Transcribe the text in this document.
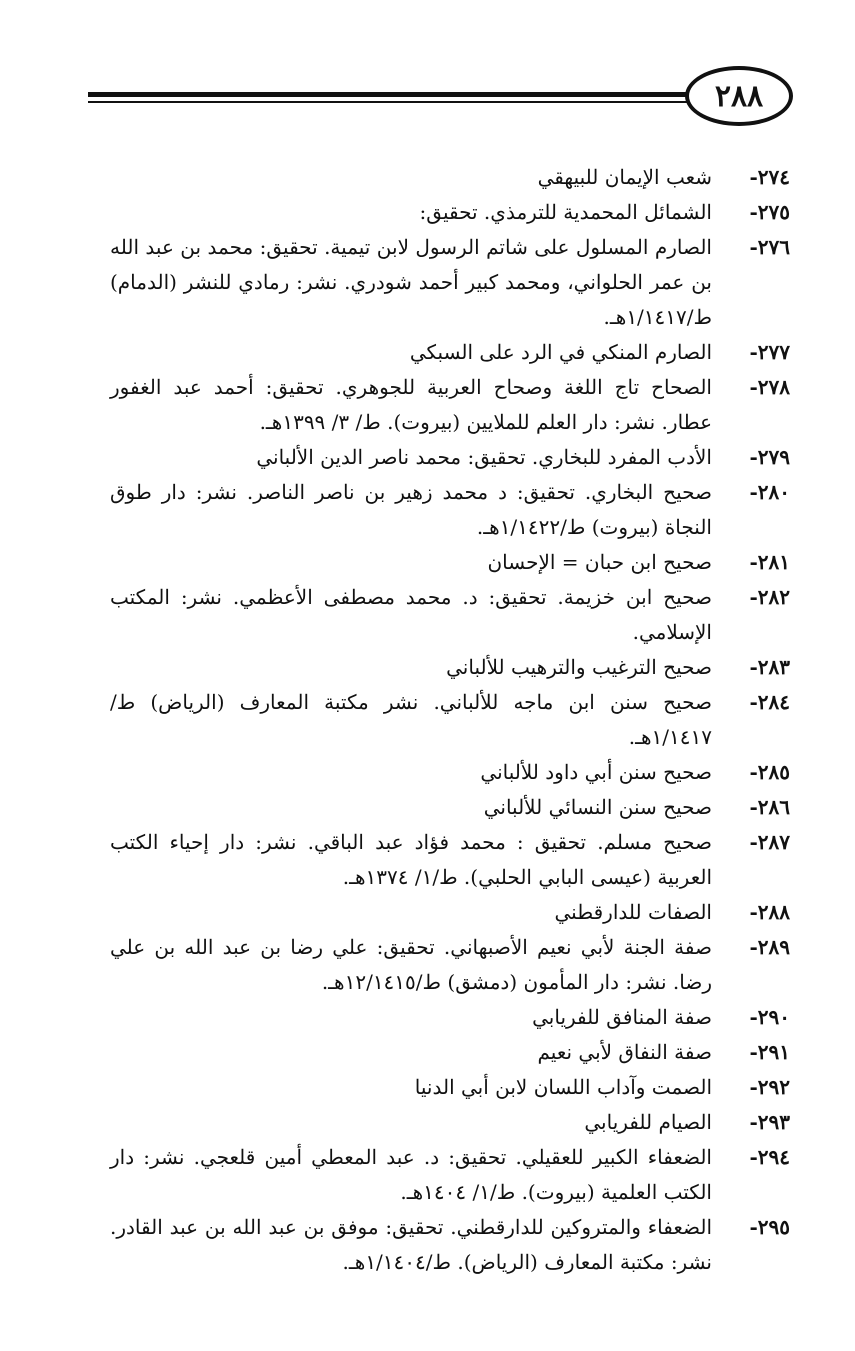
٢٨٨
٢٧٤-
شعب الإيمان للبيهقي
٢٧٥-
الشمائل المحمدية للترمذي. تحقيق:
٢٧٦-
الصارم المسلول على شاتم الرسول لابن تيمية. تحقيق: محمد بن عبد الله بن عمر الحلواني، ومحمد كبير أحمد شودري. نشر: رمادي للنشر (الدمام) ط/١/١٤١٧هـ.
٢٧٧-
الصارم المنكي في الرد على السبكي
٢٧٨-
الصحاح تاج اللغة وصحاح العربية للجوهري. تحقيق: أحمد عبد الغفور عطار. نشر: دار العلم للملايين (بيروت). ط/ ٣/ ١٣٩٩هـ.
٢٧٩-
الأدب المفرد للبخاري. تحقيق: محمد ناصر الدين الألباني
٢٨٠-
صحيح البخاري. تحقيق: د محمد زهير بن ناصر الناصر. نشر: دار طوق النجاة (بيروت) ط/١/١٤٢٢هـ.
٢٨١-
صحيح ابن حبان = الإحسان
٢٨٢-
صحيح ابن خزيمة. تحقيق: د. محمد مصطفى الأعظمي. نشر: المكتب الإسلامي.
٢٨٣-
صحيح الترغيب والترهيب للألباني
٢٨٤-
صحيح سنن ابن ماجه للألباني. نشر مكتبة المعارف (الرياض) ط/١/١٤١٧هـ.
٢٨٥-
صحيح سنن أبي داود للألباني
٢٨٦-
صحيح سنن النسائي للألباني
٢٨٧-
صحيح مسلم. تحقيق : محمد فؤاد عبد الباقي. نشر: دار إحياء الكتب العربية (عيسى البابي الحلبي). ط/١/ ١٣٧٤هـ.
٢٨٨-
الصفات للدارقطني
٢٨٩-
صفة الجنة لأبي نعيم الأصبهاني. تحقيق: علي رضا بن عبد الله بن علي رضا. نشر: دار المأمون (دمشق) ط/١٢/١٤١٥هـ.
٢٩٠-
صفة المنافق للفريابي
٢٩١-
صفة النفاق لأبي نعيم
٢٩٢-
الصمت وآداب اللسان لابن أبي الدنيا
٢٩٣-
الصيام للفريابي
٢٩٤-
الضعفاء الكبير للعقيلي. تحقيق: د. عبد المعطي أمين قلعجي. نشر: دار الكتب العلمية (بيروت). ط/١/ ١٤٠٤هـ.
٢٩٥-
الضعفاء والمتروكين للدارقطني. تحقيق: موفق بن عبد الله بن عبد القادر. نشر: مكتبة المعارف (الرياض). ط/١/١٤٠٤هـ.
